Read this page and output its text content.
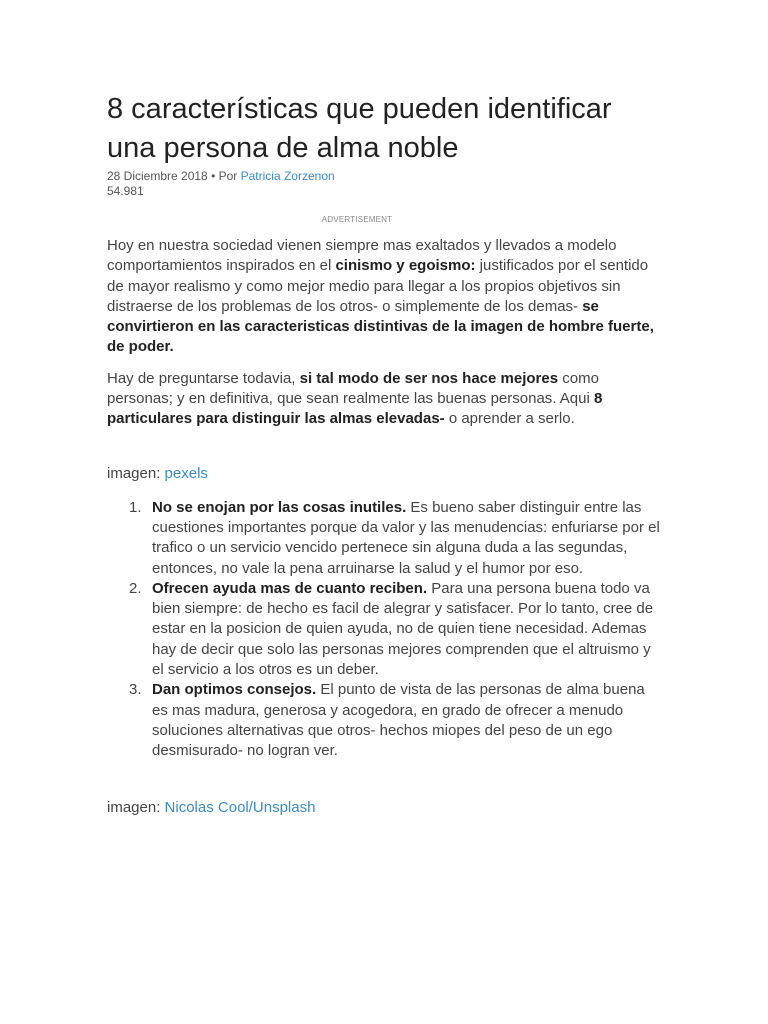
8 características que pueden identificar una persona de alma noble
28 Diciembre 2018 • Por Patricia Zorzenon
54.981
ADVERTISEMENT

Hoy en nuestra sociedad vienen siempre mas exaltados y llevados a modelo comportamientos inspirados en el cinismo y egoismo: justificados por el sentido de mayor realismo y como mejor medio para llegar a los propios objetivos sin distraerse de los problemas de los otros- o simplemente de los demas- se convirtieron en las caracteristicas distintivas de la imagen de hombre fuerte, de poder.

Hay de preguntarse todavia, si tal modo de ser nos hace mejores como personas; y en definitiva, que sean realmente las buenas personas. Aqui 8 particulares para distinguir las almas elevadas- o aprender a serlo.

imagen: pexels

1. No se enojan por las cosas inutiles. Es bueno saber distinguir entre las cuestiones importantes porque da valor y las menudencias: enfuriarse por el trafico o un servicio vencido pertenece sin alguna duda a las segundas, entonces, no vale la pena arruinarse la salud y el humor por eso.
2. Ofrecen ayuda mas de cuanto reciben. Para una persona buena todo va bien siempre: de hecho es facil de alegrar y satisfacer. Por lo tanto, cree de estar en la posicion de quien ayuda, no de quien tiene necesidad. Ademas hay de decir que solo las personas mejores comprenden que el altruismo y el servicio a los otros es un deber.
3. Dan optimos consejos. El punto de vista de las personas de alma buena es mas madura, generosa y acogedora, en grado de ofrecer a menudo soluciones alternativas que otros- hechos miopes del peso de un ego desmisurado- no logran ver.

imagen: Nicolas Cool/Unsplash
